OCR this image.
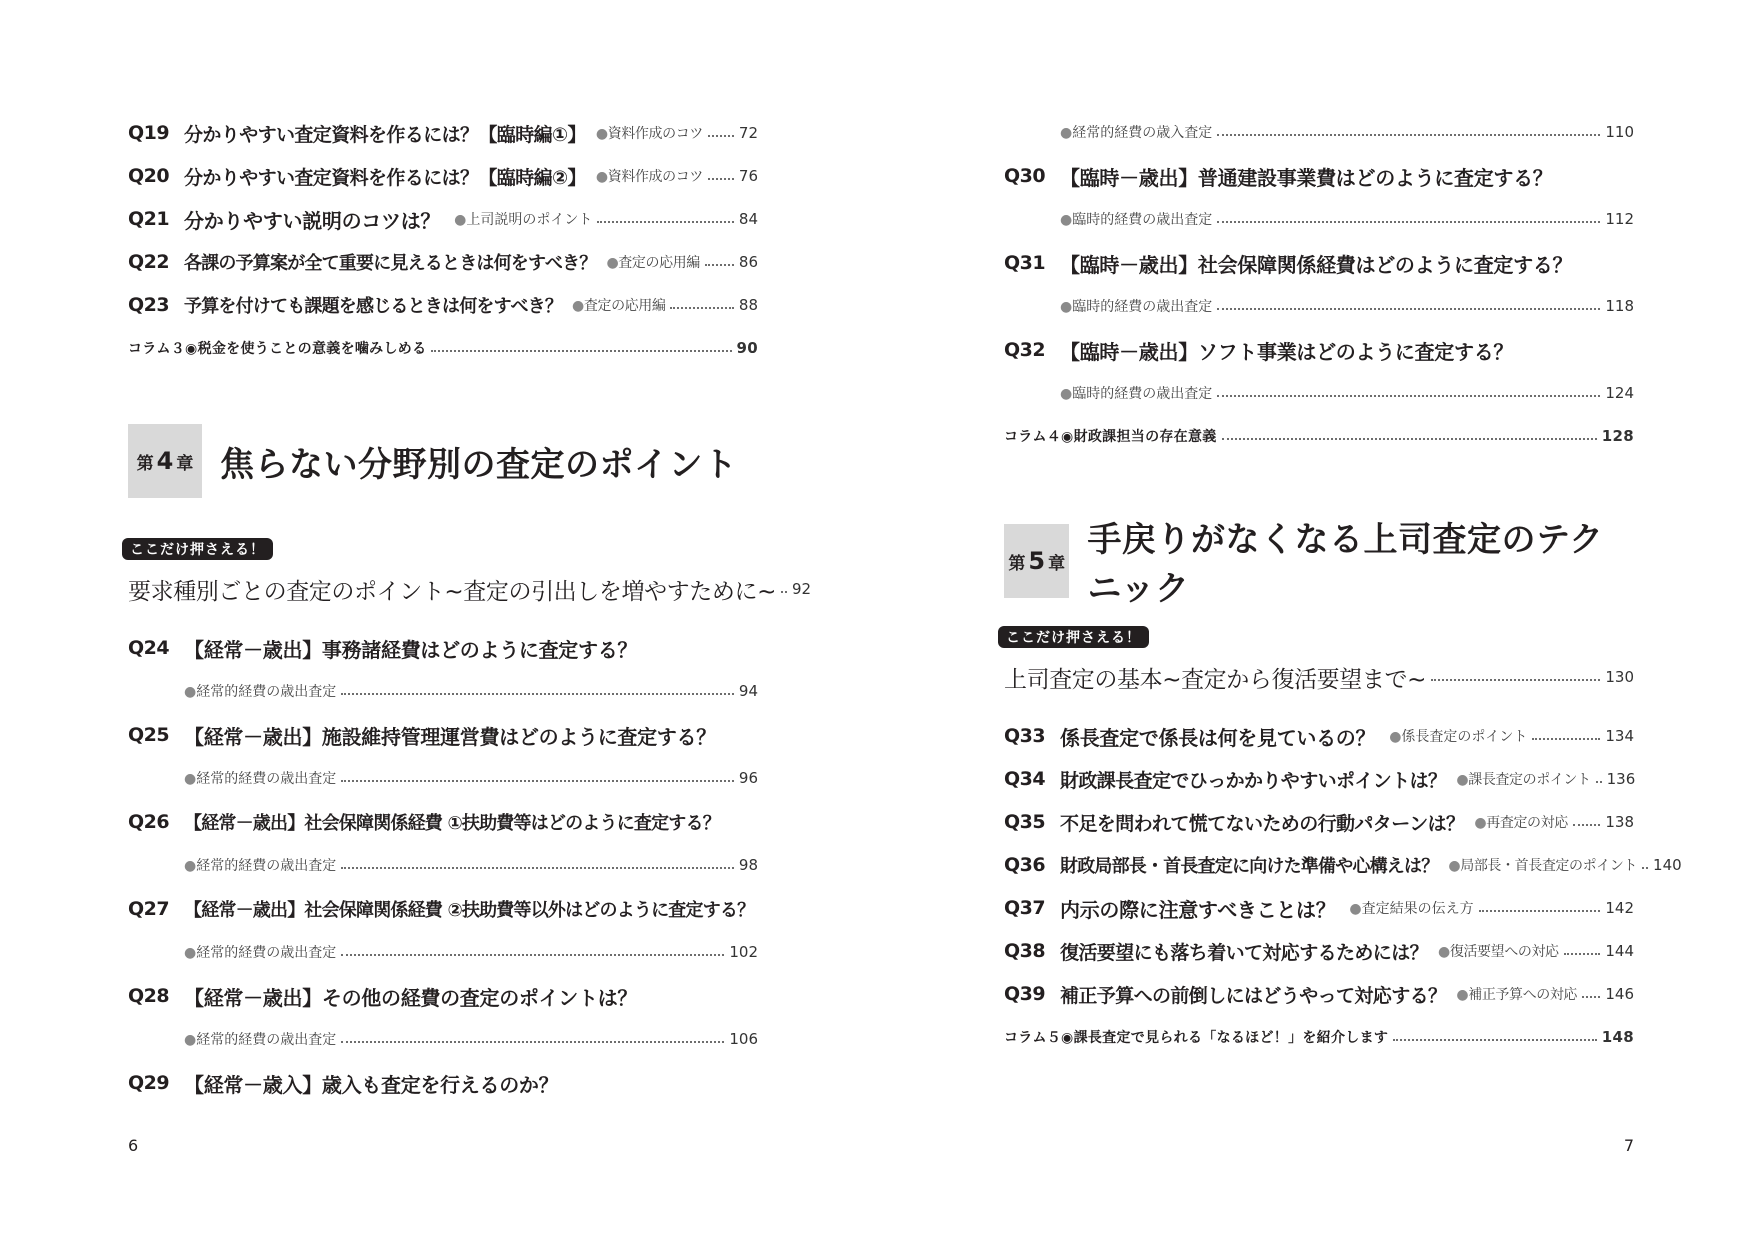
Q19 分かりやすい査定資料を作るには？【臨時編①】 ●資料作成のコツ 72
Q20 分かりやすい査定資料を作るには？【臨時編②】 ●資料作成のコツ 76
Q21 分かりやすい説明のコツは？ ●上司説明のポイント	84
Q22 各課の予算案が全て重要に見えるときは何をすべき？ ●査定の応用編	86
Q23 予算を付けても課題を感じるときは何をすべき？ ●査定の応用編	88
コラム３◉税金を使うことの意義を噛みしめる	90
第 4 章 焦らない分野別の査定のポイント
ここだけ押さえる！
要求種別ごとの査定のポイント~査定の引出しを増やすために~ 92
Q24 【経常－歳出】事務諸経費はどのように査定する？
●経常的経費の歳出査定	94
Q25 【経常－歳出】施設維持管理運営費はどのように査定する？
●経常的経費の歳出査定	96
Q26 【経常－歳出】社会保障関係経費 ①扶助費等はどのように査定する？
●経常的経費の歳出査定	98
Q27 【経常－歳出】社会保障関係経費 ②扶助費等以外はどのように査定する？
●経常的経費の歳出査定	102
Q28 【経常－歳出】その他の経費の査定のポイントは？
●経常的経費の歳出査定	106
Q29 【経常－歳入】歳入も査定を行えるのか？
6
●経常的経費の歳入査定	110
Q30 【臨時－歳出】普通建設事業費はどのように査定する？
●臨時的経費の歳出査定	112
Q31 【臨時－歳出】社会保障関係経費はどのように査定する？
●臨時的経費の歳出査定	118
Q32 【臨時－歳出】ソフト事業はどのように査定する？
●臨時的経費の歳出査定	124
コラム４◉財政課担当の存在意義	128
第 5 章
手戻りがなくなる上司査定のテクニック
ここだけ押さえる！
上司査定の基本~査定から復活要望まで~	130
Q33 係長査定で係長は何を見ているの？ ●係長査定のポイント	134
Q34 財政課長査定でひっかかりやすいポイントは？ ●課長査定のポイント 136
Q35 不足を問われて慌てないための行動パターンは？ ●再査定の対応	138
Q36 財政局部長・首長査定に向けた準備や心構えは？ ●局部長・首長査定のポイント 140
Q37 内示の際に注意すべきことは？ ●査定結果の伝え方	142
Q38 復活要望にも落ち着いて対応するためには？ ●復活要望への対応	144
Q39 補正予算への前倒しにはどうやって対応する？ ●補正予算への対応 146
コラム５◉課長査定で見られる「なるほど！」を紹介します	148
7
